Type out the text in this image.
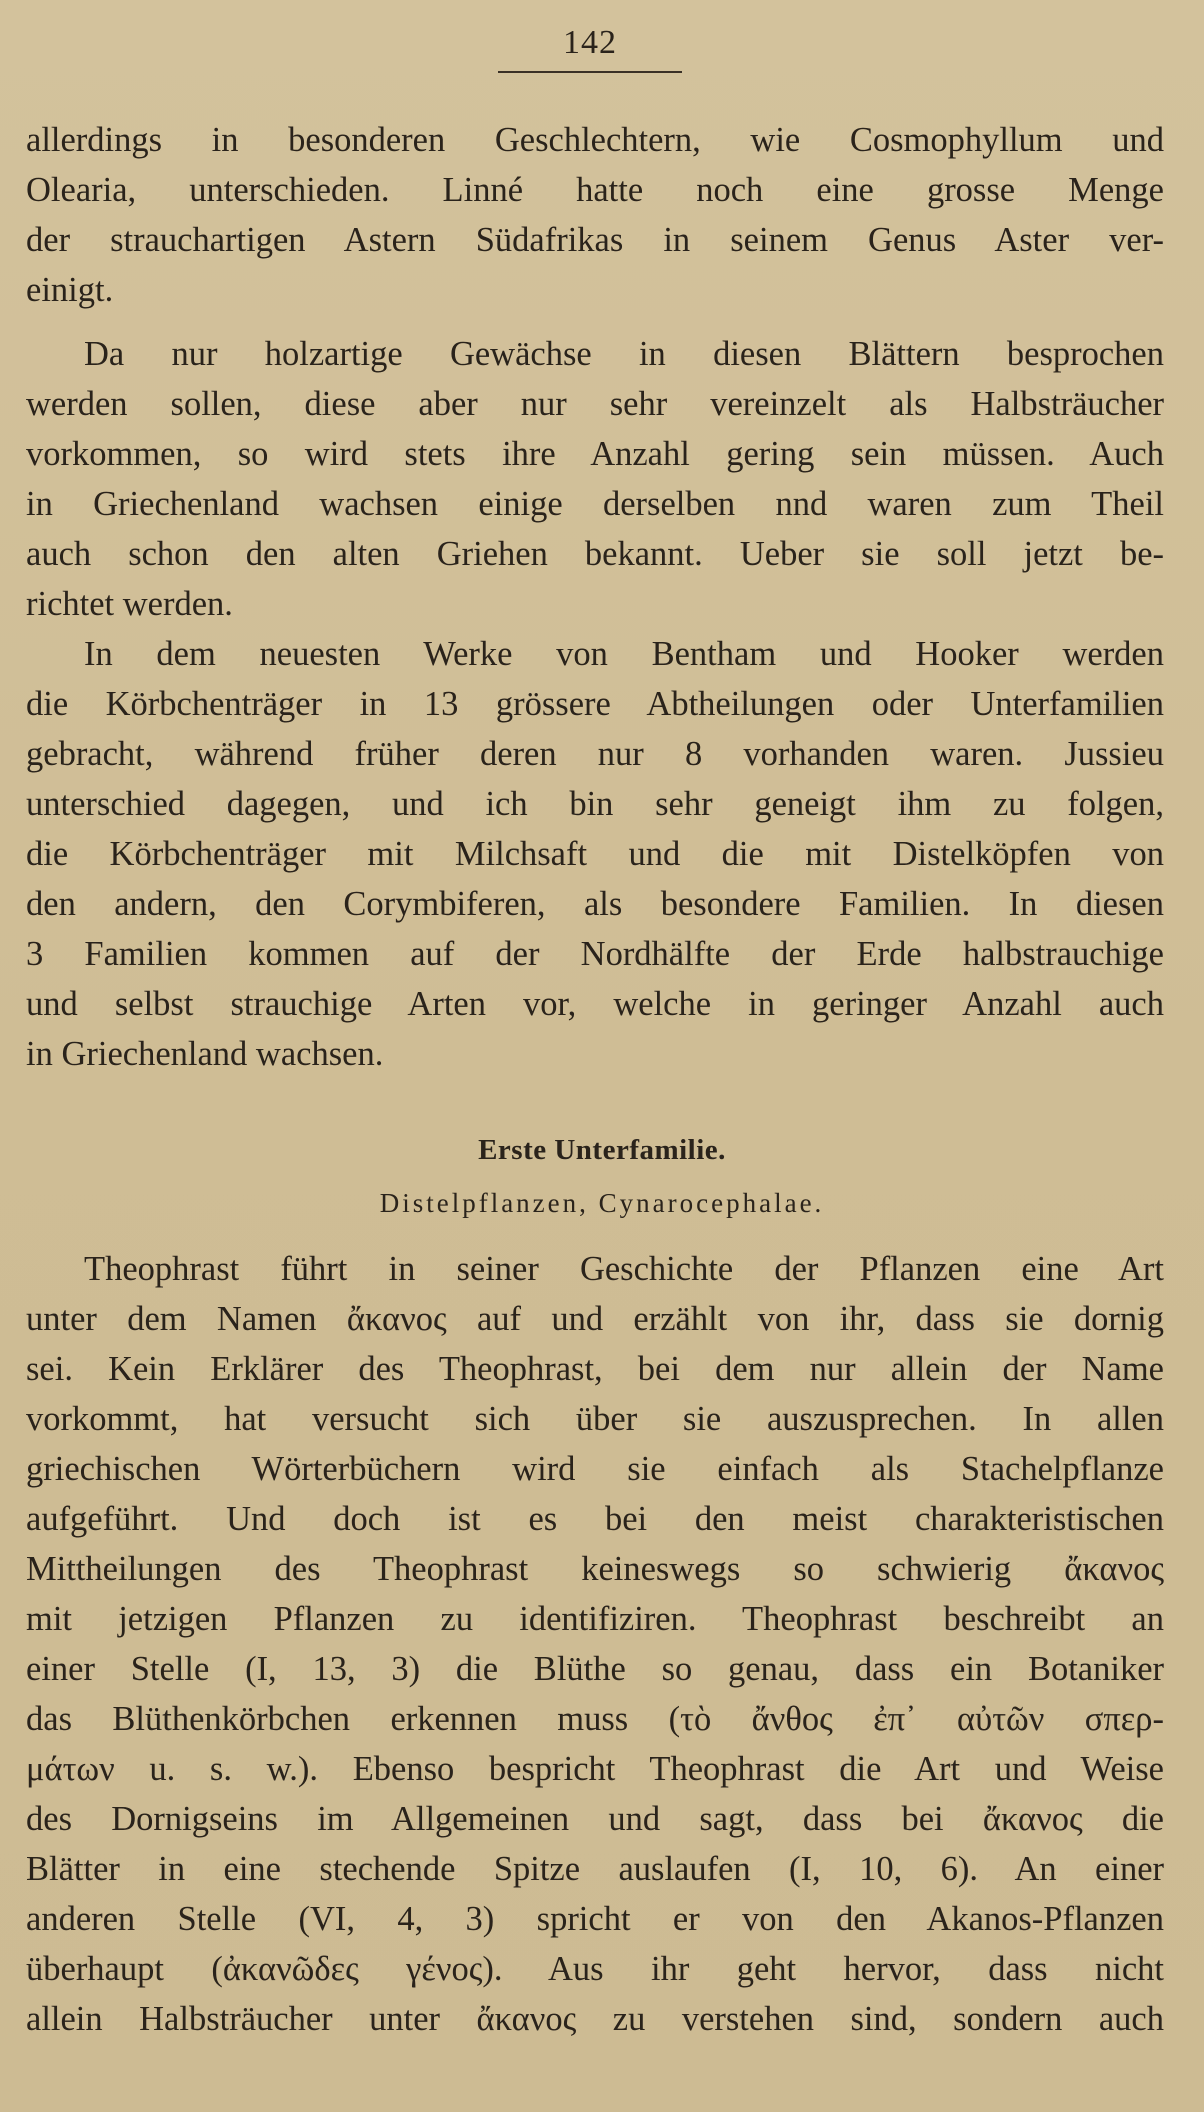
142
allerdings in besonderen Geschlechtern, wie Cosmophyllum und
Olearia, unterschieden. Linné hatte noch eine grosse Menge
der strauchartigen Astern Südafrikas in seinem Genus Aster ver-
einigt.
Da nur holzartige Gewächse in diesen Blättern besprochen
werden sollen, diese aber nur sehr vereinzelt als Halbsträucher
vorkommen, so wird stets ihre Anzahl gering sein müssen. Auch
in Griechenland wachsen einige derselben nnd waren zum Theil
auch schon den alten Griehen bekannt. Ueber sie soll jetzt be-
richtet werden.
In dem neuesten Werke von Bentham und Hooker werden
die Körbchenträger in 13 grössere Abtheilungen oder Unterfamilien
gebracht, während früher deren nur 8 vorhanden waren. Jussieu
unterschied dagegen, und ich bin sehr geneigt ihm zu folgen,
die Körbchenträger mit Milchsaft und die mit Distelköpfen von
den andern, den Corymbiferen, als besondere Familien. In diesen
3 Familien kommen auf der Nordhälfte der Erde halbstrauchige
und selbst strauchige Arten vor, welche in geringer Anzahl auch
in Griechenland wachsen.
Erste Unterfamilie.
Distelpflanzen, Cynarocephalae.
Theophrast führt in seiner Geschichte der Pflanzen eine Art
unter dem Namen ἄκανος auf und erzählt von ihr, dass sie dornig
sei. Kein Erklärer des Theophrast, bei dem nur allein der Name
vorkommt, hat versucht sich über sie auszusprechen. In allen
griechischen Wörterbüchern wird sie einfach als Stachelpflanze
aufgeführt. Und doch ist es bei den meist charakteristischen
Mittheilungen des Theophrast keineswegs so schwierig ἄκανος
mit jetzigen Pflanzen zu identifiziren. Theophrast beschreibt an
einer Stelle (I, 13, 3) die Blüthe so genau, dass ein Botaniker
das Blüthenkörbchen erkennen muss (τὸ ἄνθος ἐπ᾽ αὐτῶν σπερ-
μάτων u. s. w.). Ebenso bespricht Theophrast die Art und Weise
des Dornigseins im Allgemeinen und sagt, dass bei ἄκανος die
Blätter in eine stechende Spitze auslaufen (I, 10, 6). An einer
anderen Stelle (VI, 4, 3) spricht er von den Akanos-Pflanzen
überhaupt (ἀκανῶδες γένος). Aus ihr geht hervor, dass nicht
allein Halbsträucher unter ἄκανος zu verstehen sind, sondern auch
